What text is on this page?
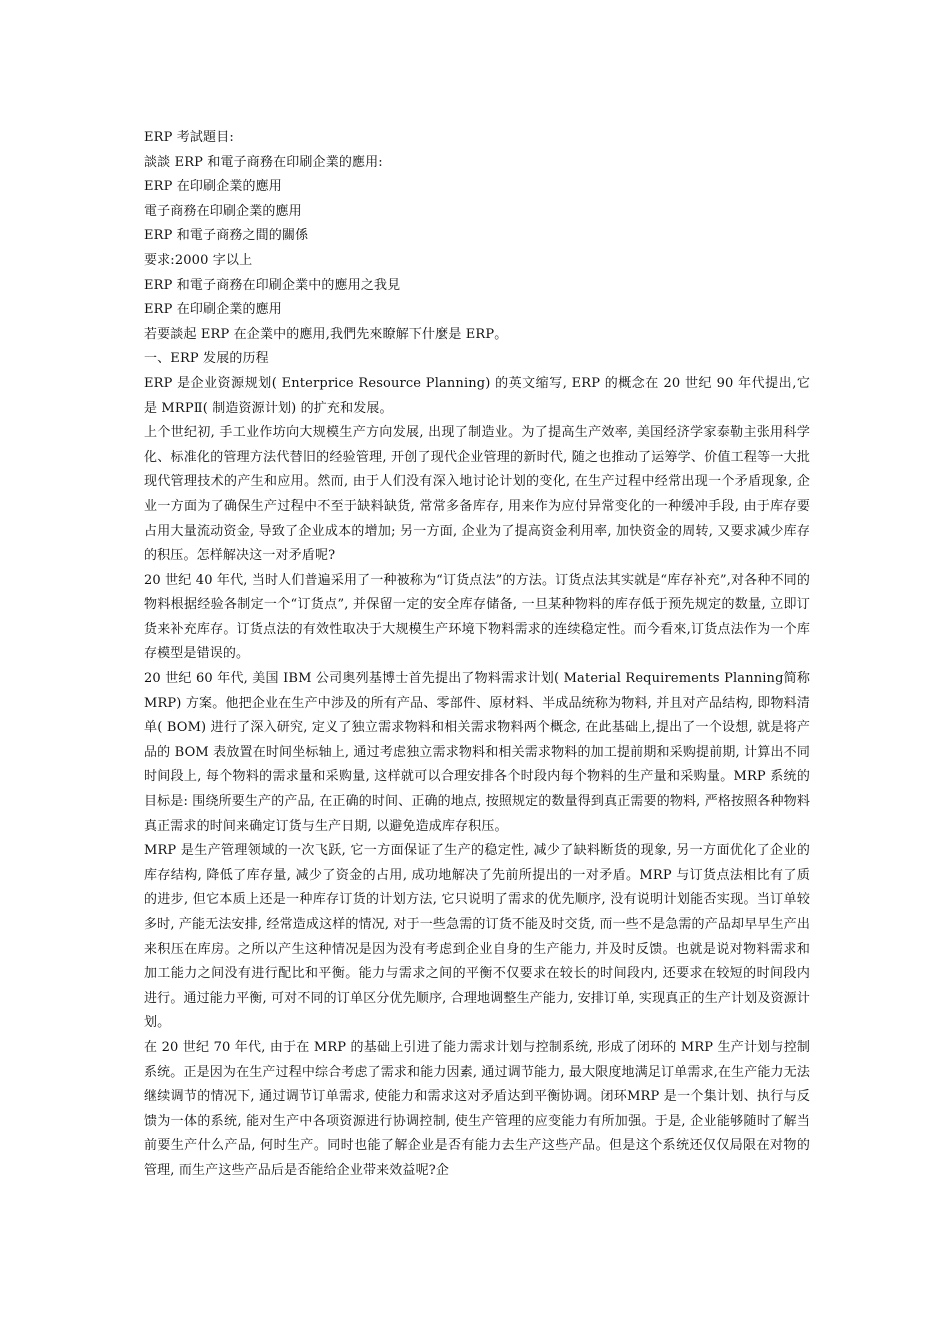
ERP 考試題目:
談談 ERP 和電子商務在印刷企業的應用:
ERP 在印刷企業的應用
電子商務在印刷企業的應用
ERP 和電子商務之間的關係
要求:2000 字以上
ERP 和電子商務在印刷企業中的應用之我見
ERP 在印刷企業的應用
若要談起 ERP 在企業中的應用,我們先來瞭解下什麼是 ERP。
一、ERP 发展的历程
ERP 是企业资源规划( Enterprice Resource Planning) 的英文缩写, ERP 的概念在 20 世纪 90 年代提出,它是 MRPⅡ( 制造资源计划) 的扩充和发展。
上个世纪初, 手工业作坊向大规模生产方向发展, 出现了制造业。为了提高生产效率, 美国经济学家泰勒主张用科学化、标准化的管理方法代替旧的经验管理, 开创了现代企业管理的新时代, 随之也推动了运筹学、价值工程等一大批现代管理技术的产生和应用。然而, 由于人们没有深入地讨论计划的变化, 在生产过程中经常出现一个矛盾现象, 企业一方面为了确保生产过程中不至于缺料缺货, 常常多备库存, 用来作为应付异常变化的一种缓冲手段, 由于库存要占用大量流动资金, 导致了企业成本的增加; 另一方面, 企业为了提高资金利用率, 加快资金的周转, 又要求减少库存的积压。怎样解决这一对矛盾呢?
20 世纪 40 年代, 当时人们普遍采用了一种被称为“订货点法”的方法。订货点法其实就是“库存补充”,对各种不同的物料根据经验各制定一个“订货点”, 并保留一定的安全库存储备, 一旦某种物料的库存低于预先规定的数量, 立即订货来补充库存。订货点法的有效性取决于大规模生产环境下物料需求的连续稳定性。而今看來,订货点法作为一个库存模型是错误的。
20 世纪 60 年代, 美国 IBM 公司奥列基博士首先提出了物料需求计划( Material Requirements Planning简称 MRP) 方案。他把企业在生产中涉及的所有产品、零部件、原材料、半成品统称为物料, 并且对产品结构, 即物料清单( BOM) 进行了深入研究, 定义了独立需求物料和相关需求物料两个概念, 在此基础上,提出了一个设想, 就是将产品的 BOM 表放置在时间坐标轴上, 通过考虑独立需求物料和相关需求物料的加工提前期和采购提前期, 计算出不同时间段上, 每个物料的需求量和采购量, 这样就可以合理安排各个时段内每个物料的生产量和采购量。MRP 系统的目标是: 围绕所要生产的产品, 在正确的时间、正确的地点, 按照规定的数量得到真正需要的物料, 严格按照各种物料真正需求的时间来确定订货与生产日期, 以避免造成库存积压。
MRP 是生产管理领域的一次飞跃, 它一方面保证了生产的稳定性, 减少了缺料断货的现象, 另一方面优化了企业的库存结构, 降低了库存量, 减少了资金的占用, 成功地解决了先前所提出的一对矛盾。MRP 与订货点法相比有了质的进步, 但它本质上还是一种库存订货的计划方法, 它只说明了需求的优先顺序, 没有说明计划能否实现。当订单较多时, 产能无法安排, 经常造成这样的情况, 对于一些急需的订货不能及时交货, 而一些不是急需的产品却早早生产出来积压在库房。之所以产生这种情况是因为没有考虑到企业自身的生产能力, 并及时反馈。也就是说对物料需求和加工能力之间没有进行配比和平衡。能力与需求之间的平衡不仅要求在较长的时间段内, 还要求在较短的时间段内进行。通过能力平衡, 可对不同的订单区分优先顺序, 合理地调整生产能力, 安排订单, 实现真正的生产计划及资源计划。
在 20 世纪 70 年代, 由于在 MRP 的基础上引进了能力需求计划与控制系统, 形成了闭环的 MRP 生产计划与控制系统。正是因为在生产过程中综合考虑了需求和能力因素, 通过调节能力, 最大限度地满足订单需求,在生产能力无法继续调节的情况下, 通过调节订单需求, 使能力和需求这对矛盾达到平衡协调。闭环MRP 是一个集计划、执行与反馈为一体的系统, 能对生产中各项资源进行协调控制, 使生产管理的应变能力有所加强。于是, 企业能够随时了解当前要生产什么产品, 何时生产。同时也能了解企业是否有能力去生产这些产品。但是这个系统还仅仅局限在对物的管理, 而生产这些产品后是否能给企业带来效益呢?企
